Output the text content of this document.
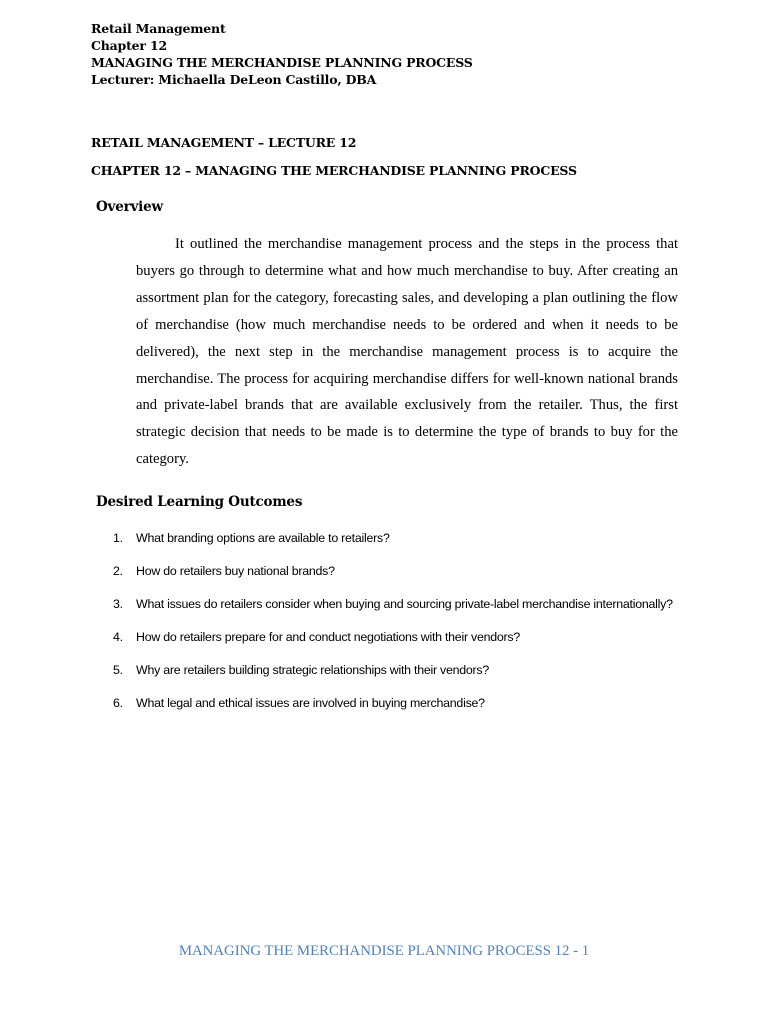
Retail Management
Chapter 12
MANAGING THE MERCHANDISE PLANNING PROCESS
Lecturer: Michaella DeLeon Castillo, DBA
RETAIL MANAGEMENT – LECTURE 12
CHAPTER 12 – MANAGING THE MERCHANDISE PLANNING PROCESS
Overview

It outlined the merchandise management process and the steps in the process that buyers go through to determine what and how much merchandise to buy. After creating an assortment plan for the category, forecasting sales, and developing a plan outlining the flow of merchandise (how much merchandise needs to be ordered and when it needs to be delivered), the next step in the merchandise management process is to acquire the merchandise. The process for acquiring merchandise differs for well-known national brands and private-label brands that are available exclusively from the retailer. Thus, the first strategic decision that needs to be made is to determine the type of brands to buy for the category.

Desired Learning Outcomes
1. What branding options are available to retailers?
2. How do retailers buy national brands?
3. What issues do retailers consider when buying and sourcing private-label merchandise internationally?
4. How do retailers prepare for and conduct negotiations with their vendors?
5. Why are retailers building strategic relationships with their vendors?
6. What legal and ethical issues are involved in buying merchandise?
MANAGING THE MERCHANDISE PLANNING PROCESS 12 - 1
